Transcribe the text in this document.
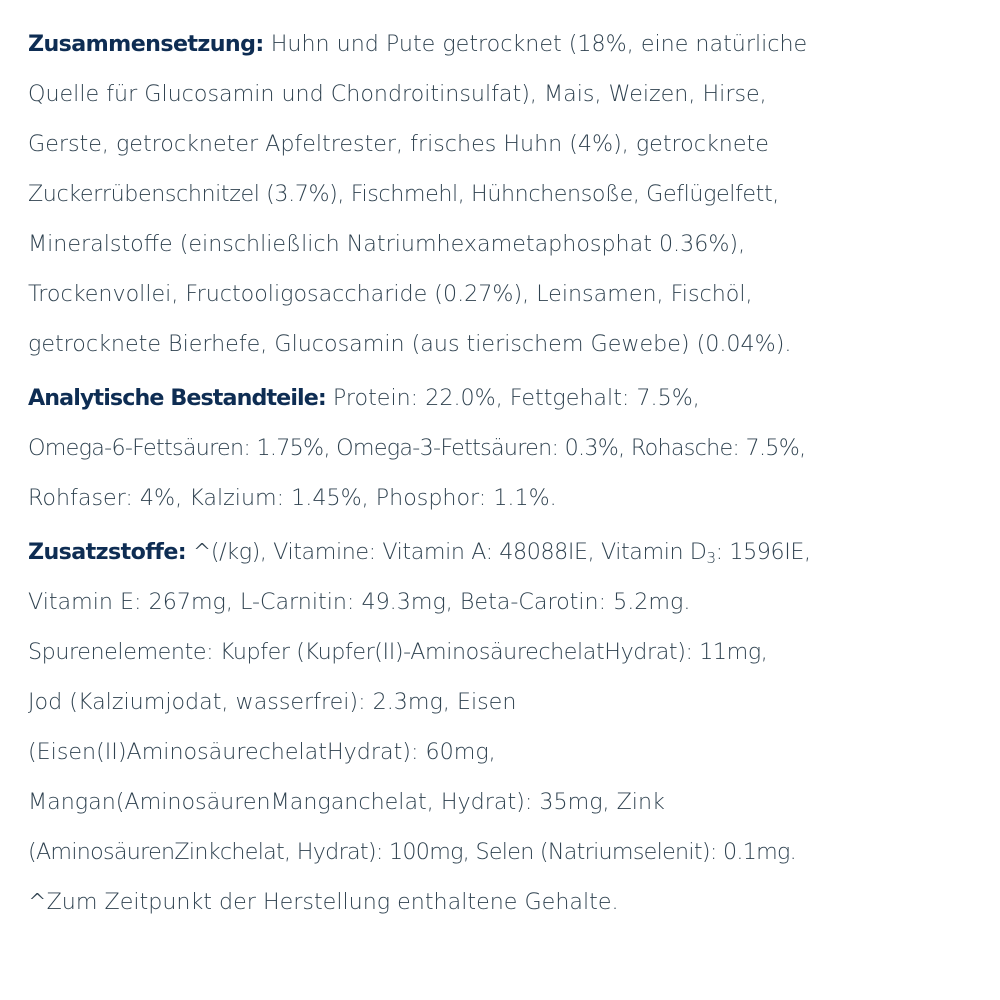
Zusammensetzung: Huhn und Pute getrocknet (18%, eine natürliche
Quelle für Glucosamin und Chondroitinsulfat), Mais, Weizen, Hirse,
Gerste, getrockneter Apfeltrester, frisches Huhn (4%), getrocknete
Zuckerrübenschnitzel (3.7%), Fischmehl, Hühnchensoße, Geflügelfett,
Mineralstoffe (einschließlich Natriumhexametaphosphat 0.36%),
Trockenvollei, Fructooligosaccharide (0.27%), Leinsamen, Fischöl,
getrocknete Bierhefe, Glucosamin (aus tierischem Gewebe) (0.04%).
Analytische Bestandteile: Protein: 22.0%, Fettgehalt: 7.5%,
Omega-6-Fettsäuren: 1.75%, Omega-3-Fettsäuren: 0.3%, Rohasche: 7.5%,
Rohfaser: 4%, Kalzium: 1.45%, Phosphor: 1.1%.
Zusatzstoffe: ^(/kg), Vitamine: Vitamin A: 48088IE, Vitamin $D_3$: 1596IE,
Vitamin E: 267mg, L-Carnitin: 49.3mg, Beta-Carotin: 5.2mg.
Spurenelemente: Kupfer (Kupfer(II)-AminosäurechelatHydrat): 11mg,
Jod (Kalziumjodat, wasserfrei): 2.3mg, Eisen
(Eisen(II)AminosäurechelatHydrat): 60mg,
Mangan(AminosäurenManganchelat, Hydrat): 35mg, Zink
(AminosäurenZinkchelat, Hydrat): 100mg, Selen (Natriumselenit): 0.1mg.
^Zum Zeitpunkt der Herstellung enthaltene Gehalte.
